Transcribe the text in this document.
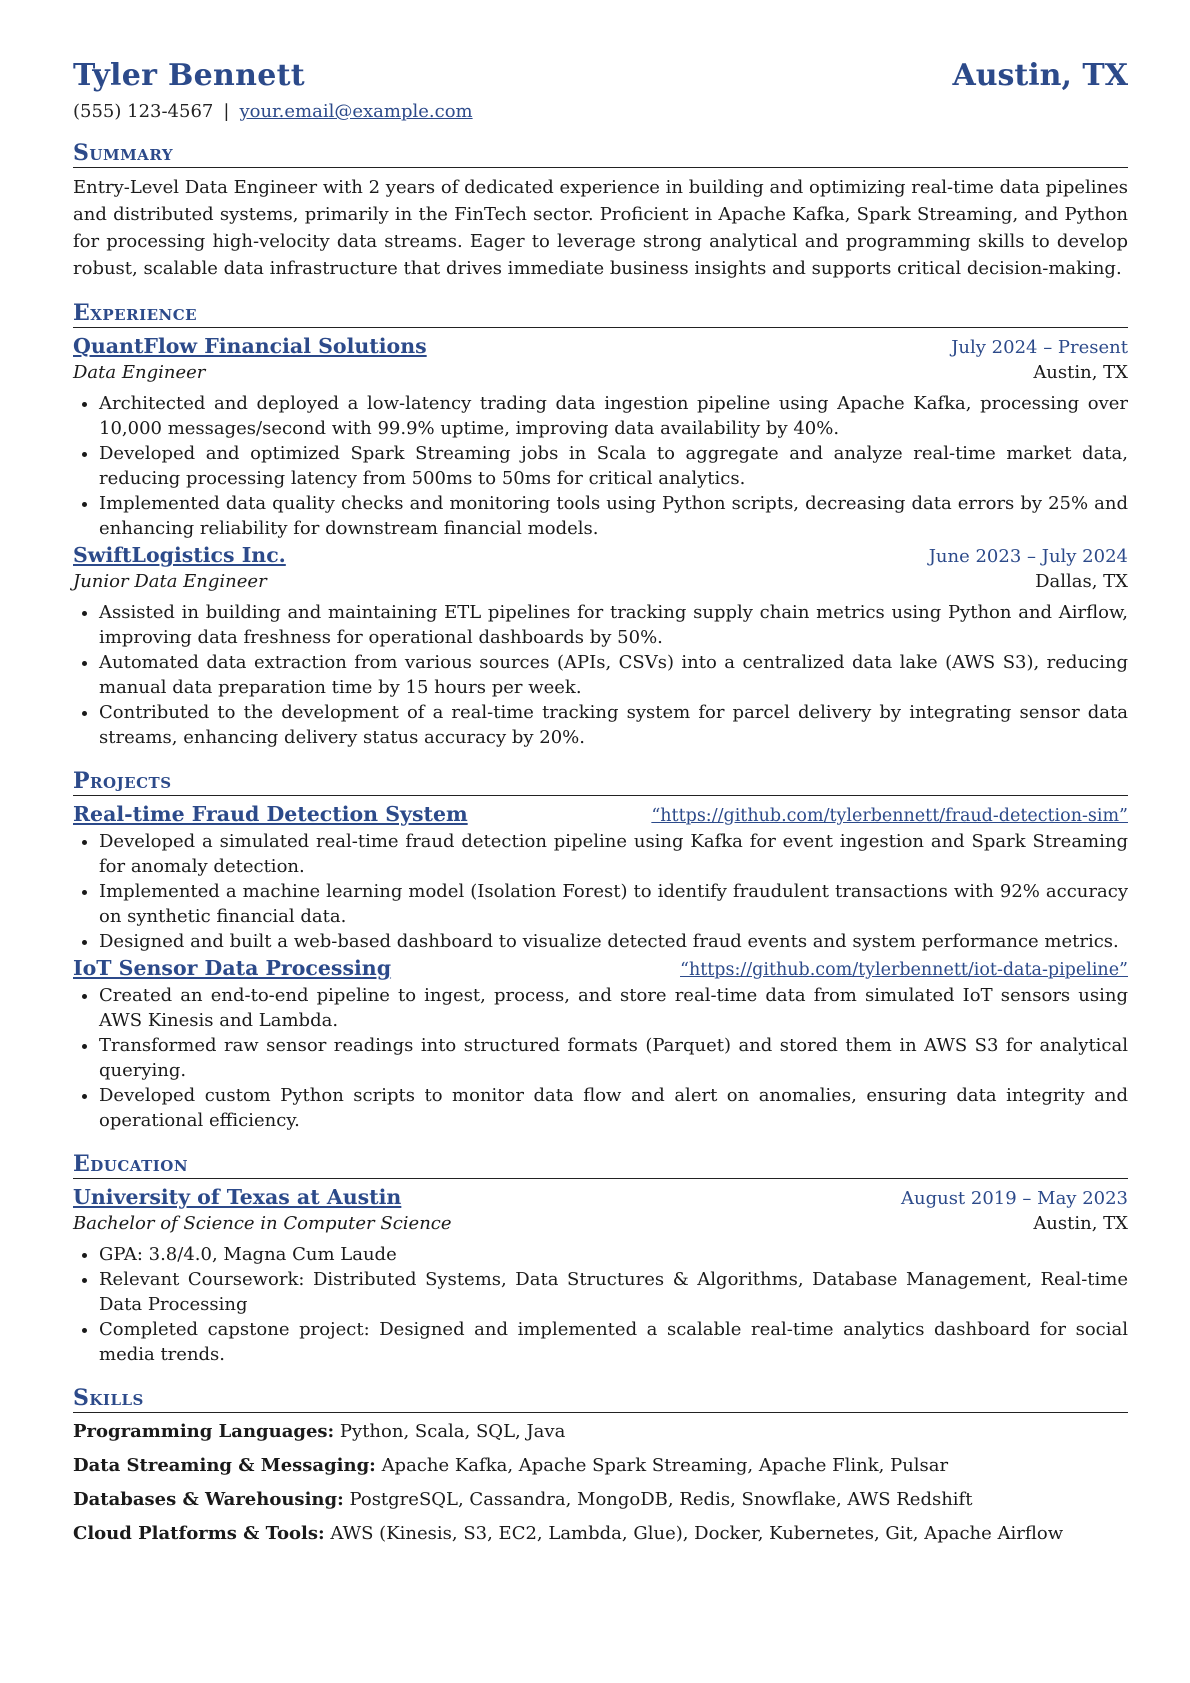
Tyler Bennett	Austin, TX
(555) 123-4567 | your.email@example.com
Summary
Entry-Level Data Engineer with 2 years of dedicated experience in building and optimizing real-time data pipelines and distributed systems, primarily in the FinTech sector. Proficient in Apache Kafka, Spark Streaming, and Python for processing high-velocity data streams. Eager to leverage strong analytical and programming skills to develop robust, scalable data infrastructure that drives immediate business insights and supports critical decision-making.
Experience
QuantFlow Financial Solutions	July 2024 – Present
Data Engineer	Austin, TX
• Architected and deployed a low-latency trading data ingestion pipeline using Apache Kafka, processing over 10,000 messages/second with 99.9% uptime, improving data availability by 40%.
• Developed and optimized Spark Streaming jobs in Scala to aggregate and analyze real-time market data, reducing processing latency from 500ms to 50ms for critical analytics.
• Implemented data quality checks and monitoring tools using Python scripts, decreasing data errors by 25% and enhancing reliability for downstream financial models.
SwiftLogistics Inc.	June 2023 – July 2024
Junior Data Engineer	Dallas, TX
• Assisted in building and maintaining ETL pipelines for tracking supply chain metrics using Python and Airflow, improving data freshness for operational dashboards by 50%.
• Automated data extraction from various sources (APIs, CSVs) into a centralized data lake (AWS S3), reducing manual data preparation time by 15 hours per week.
• Contributed to the development of a real-time tracking system for parcel delivery by integrating sensor data streams, enhancing delivery status accuracy by 20%.
Projects
Real-time Fraud Detection System	“https://github.com/tylerbennett/fraud-detection-sim”
• Developed a simulated real-time fraud detection pipeline using Kafka for event ingestion and Spark Streaming for anomaly detection.
• Implemented a machine learning model (Isolation Forest) to identify fraudulent transactions with 92% accuracy on synthetic financial data.
• Designed and built a web-based dashboard to visualize detected fraud events and system performance metrics.
IoT Sensor Data Processing	“https://github.com/tylerbennett/iot-data-pipeline”
• Created an end-to-end pipeline to ingest, process, and store real-time data from simulated IoT sensors using AWS Kinesis and Lambda.
• Transformed raw sensor readings into structured formats (Parquet) and stored them in AWS S3 for analytical querying.
• Developed custom Python scripts to monitor data flow and alert on anomalies, ensuring data integrity and operational efficiency.
Education
University of Texas at Austin	August 2019 – May 2023
Bachelor of Science in Computer Science	Austin, TX
• GPA: 3.8/4.0, Magna Cum Laude
• Relevant Coursework: Distributed Systems, Data Structures & Algorithms, Database Management, Real-time Data Processing
• Completed capstone project: Designed and implemented a scalable real-time analytics dashboard for social media trends.
Skills
Programming Languages: Python, Scala, SQL, Java
Data Streaming & Messaging: Apache Kafka, Apache Spark Streaming, Apache Flink, Pulsar
Databases & Warehousing: PostgreSQL, Cassandra, MongoDB, Redis, Snowflake, AWS Redshift
Cloud Platforms & Tools: AWS (Kinesis, S3, EC2, Lambda, Glue), Docker, Kubernetes, Git, Apache Airflow
